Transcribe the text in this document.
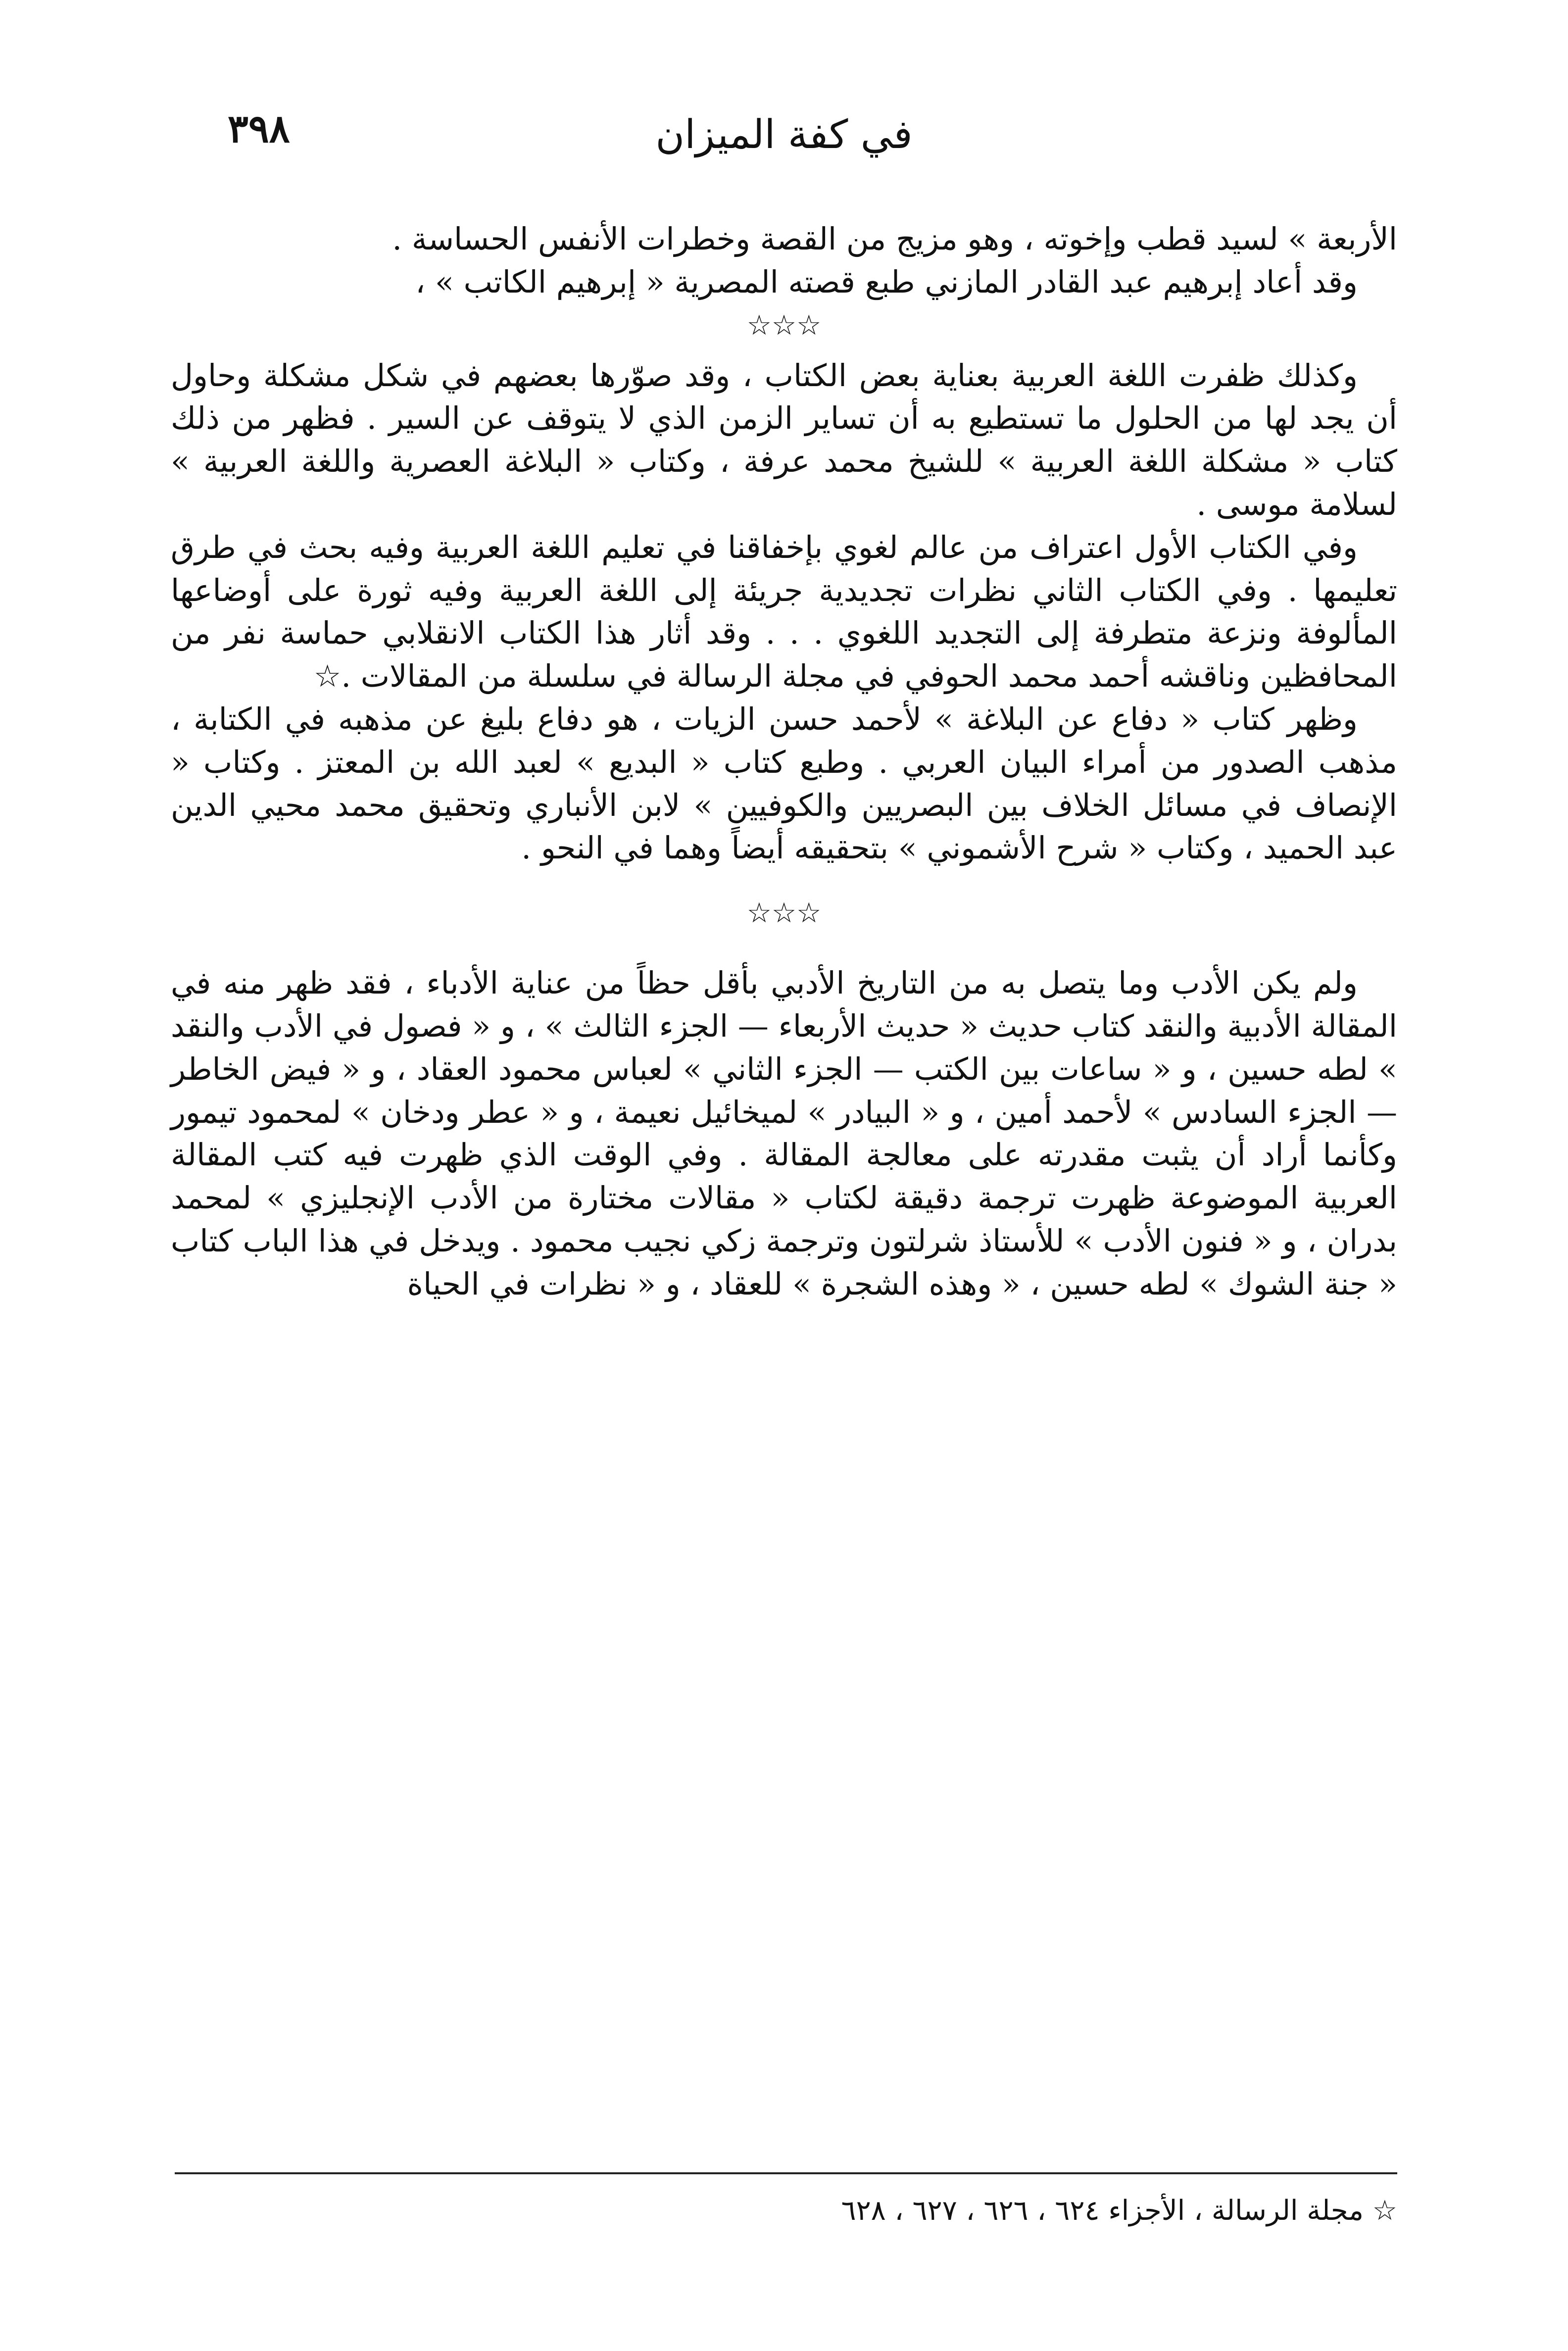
٣٩٨	في كفة الميزان

الأربعة » لسيد قطب وإخوته ، وهو مزيج من القصة وخطرات الأنفس الحساسة .

وقد أعاد إبرهيم عبد القادر المازني طبع قصته المصرية « إبرهيم الكاتب » ،

☆☆☆

وكذلك ظفرت اللغة العربية بعناية بعض الكتاب ، وقد صوّرها بعضهم في شكل مشكلة وحاول أن يجد لها من الحلول ما تستطيع به أن تساير الزمن الذي لا يتوقف عن السير . فظهر من ذلك كتاب « مشكلة اللغة العربية » للشيخ محمد عرفة ، وكتاب « البلاغة العصرية واللغة العربية » لسلامة موسى .

وفي الكتاب الأول اعتراف من عالم لغوي بإخفاقنا في تعليم اللغة العربية وفيه بحث في طرق تعليمها . وفي الكتاب الثاني نظرات تجديدية جريئة إلى اللغة العربية وفيه ثورة على أوضاعها المألوفة ونزعة متطرفة إلى التجديد اللغوي . . . وقد أثار هذا الكتاب الانقلابي حماسة نفر من المحافظين وناقشه أحمد محمد الحوفي في مجلة الرسالة في سلسلة من المقالات .☆

وظهر كتاب « دفاع عن البلاغة » لأحمد حسن الزيات ، هو دفاع بليغ عن مذهبه في الكتابة ، مذهب الصدور من أمراء البيان العربي . وطبع كتاب « البديع » لعبد الله بن المعتز . وكتاب « الإنصاف في مسائل الخلاف بين البصريين والكوفيين » لابن الأنباري وتحقيق محمد محيي الدين عبد الحميد ، وكتاب « شرح الأشموني » بتحقيقه أيضاً وهما في النحو .

☆☆☆

ولم يكن الأدب وما يتصل به من التاريخ الأدبي بأقل حظاً من عناية الأدباء ، فقد ظهر منه في المقالة الأدبية والنقد كتاب حديث « حديث الأربعاء — الجزء الثالث » ، و « فصول في الأدب والنقد » لطه حسين ، و « ساعات بين الكتب — الجزء الثاني » لعباس محمود العقاد ، و « فيض الخاطر — الجزء السادس » لأحمد أمين ، و « البيادر » لميخائيل نعيمة ، و « عطر ودخان » لمحمود تيمور وكأنما أراد أن يثبت مقدرته على معالجة المقالة . وفي الوقت الذي ظهرت فيه كتب المقالة العربية الموضوعة ظهرت ترجمة دقيقة لكتاب « مقالات مختارة من الأدب الإنجليزي » لمحمد بدران ، و « فنون الأدب » للأستاذ شرلتون وترجمة زكي نجيب محمود . ويدخل في هذا الباب كتاب « جنة الشوك » لطه حسين ، « وهذه الشجرة » للعقاد ، و « نظرات في الحياة

☆ مجلة الرسالة ، الأجزاء ٦٢٤ ، ٦٢٦ ، ٦٢٧ ، ٦٢٨
